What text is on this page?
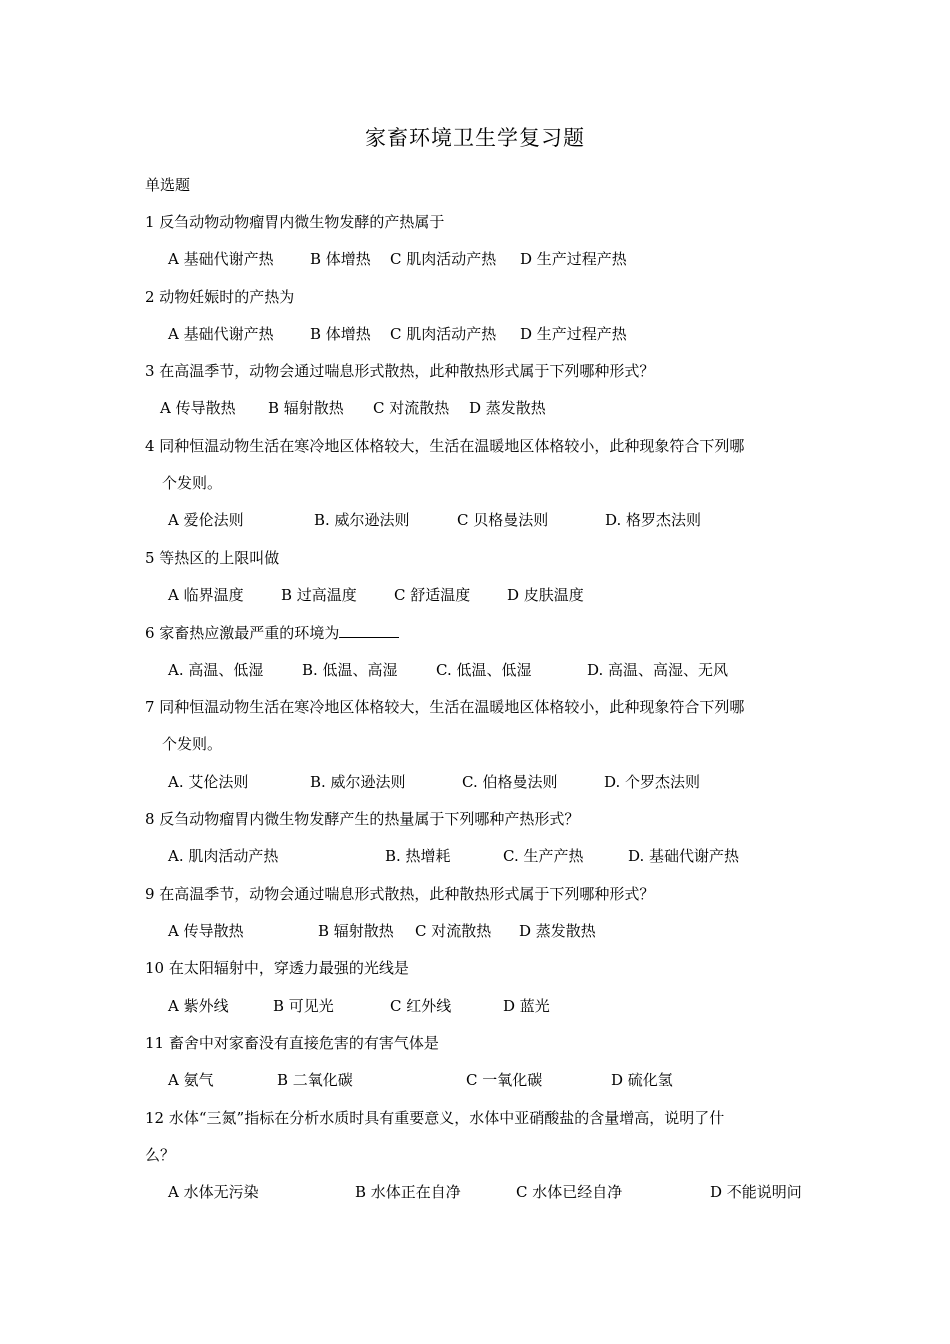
家畜环境卫生学复习题
单选题
1 反刍动物动物瘤胃内微生物发酵的产热属于
A 基础代谢产热 B 体增热 C 肌肉活动产热 D 生产过程产热
2 动物妊娠时的产热为
A 基础代谢产热 B 体增热 C 肌肉活动产热 D 生产过程产热
3 在高温季节，动物会通过喘息形式散热，此种散热形式属于下列哪种形式？
A 传导散热 B 辐射散热 C 对流散热 D 蒸发散热
4 同种恒温动物生活在寒冷地区体格较大，生活在温暖地区体格较小，此种现象符合下列哪
个发则。
A 爱伦法则	B. 威尔逊法则	C 贝格曼法则	D. 格罗杰法则
5 等热区的上限叫做
A 临界温度 B 过高温度 C 舒适温度 D 皮肤温度
6 家畜热应激最严重的环境为
A. 高温、低湿	B. 低温、高湿	C. 低温、低湿	D. 高温、高湿、无风
7 同种恒温动物生活在寒冷地区体格较大，生活在温暖地区体格较小，此种现象符合下列哪
个发则。
A. 艾伦法则	B. 威尔逊法则	C. 伯格曼法则	D. 个罗杰法则
8 反刍动物瘤胃内微生物发酵产生的热量属于下列哪种产热形式？
A. 肌肉活动产热	B. 热增耗	C. 生产产热	D. 基础代谢产热
9 在高温季节，动物会通过喘息形式散热，此种散热形式属于下列哪种形式？
A 传导散热	B 辐射散热 C 对流散热 D 蒸发散热
10 在太阳辐射中，穿透力最强的光线是
A 紫外线	B 可见光	C 红外线	D 蓝光
11 畜舍中对家畜没有直接危害的有害气体是
A 氨气	B 二氧化碳	C 一氧化碳	D 硫化氢
12 水体“三氮”指标在分析水质时具有重要意义，水体中亚硝酸盐的含量增高，说明了什
么？
A 水体无污染	B 水体正在自净	C 水体已经自净	D 不能说明问
